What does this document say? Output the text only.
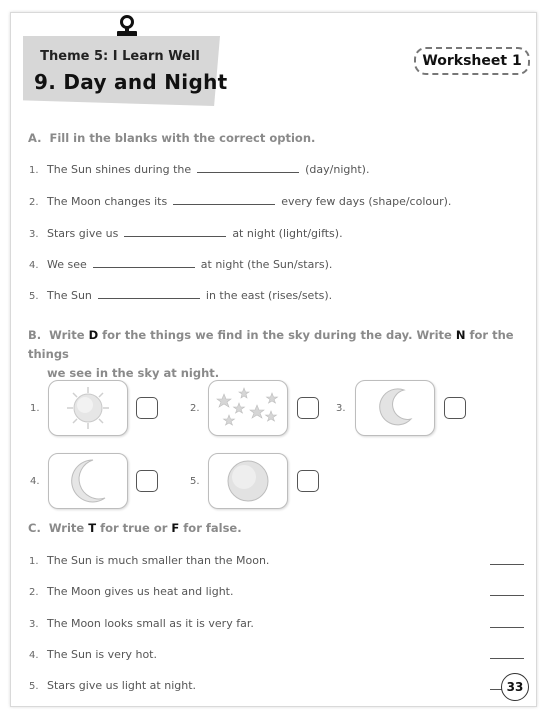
Theme 5: I Learn Well
9. Day and Night
Worksheet 1
A. Fill in the blanks with the correct option.
1. The Sun shines during the	(day/night).
2. The Moon changes its	every few days (shape/colour).
3. Stars give us	at night (light/gifts).
4. We see	at night (the Sun/stars).
5. The Sun	in the east (rises/sets).
B. Write D for the things we find in the sky during the day. Write N for the things
we see in the sky at night.
1.	2.	3.
4.	5.
C. Write T for true or F for false.
1. The Sun is much smaller than the Moon.
2. The Moon gives us heat and light.
3. The Moon looks small as it is very far.
4. The Sun is very hot.
5. Stars give us light at night.	33
